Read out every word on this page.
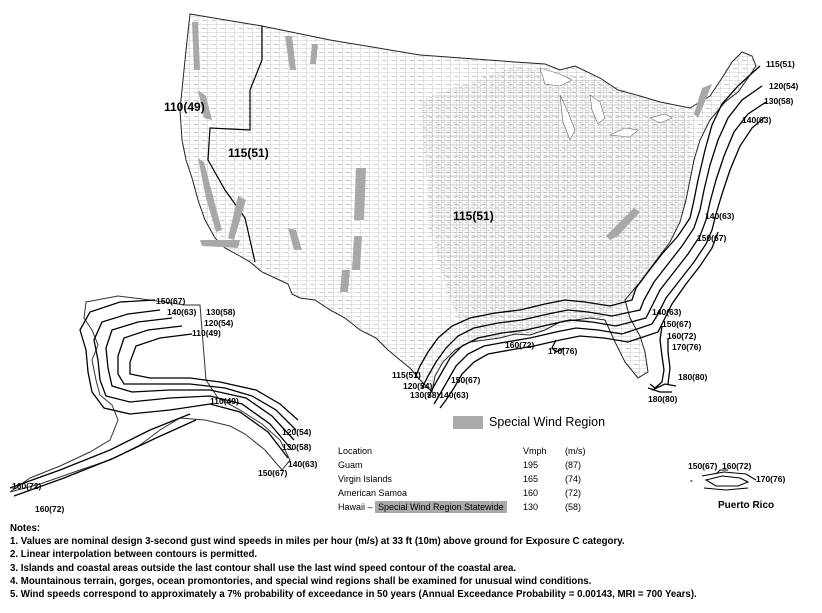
110(49)
115(51)
115(51)
115(51)
120(54)
130(58)
140(63)
140(63)
150(67)
140(63)
150(67)
160(72)
170(76)
180(80)
180(80)
160(72)
170(76)
115(51)
120(54)
130(58)140(63)
150(67)
150(67)
140(63) 130(58)
120(54)
110(49)
110(49)
120(54)
130(58)
140(63)
150(67)
160(72)
160(72)
Special Wind Region
Location	Vmph	(m/s)
Guam	195	(87)
Virgin Islands	165	(74)
American Samoa	160	(72)
Hawaii – Special Wind Region Statewide	130	(58)
150(67) 160(72)
170(76)
-
Puerto Rico
Notes:
1. Values are nominal design 3-second gust wind speeds in miles per hour (m/s) at 33 ft (10m) above ground for Exposure C category.
2. Linear interpolation between contours is permitted.
3. Islands and coastal areas outside the last contour shall use the last wind speed contour of the coastal area.
4. Mountainous terrain, gorges, ocean promontories, and special wind regions shall be examined for unusual wind conditions.
5. Wind speeds correspond to approximately a 7% probability of exceedance in 50 years (Annual Exceedance Probability = 0.00143, MRI = 700 Years).
